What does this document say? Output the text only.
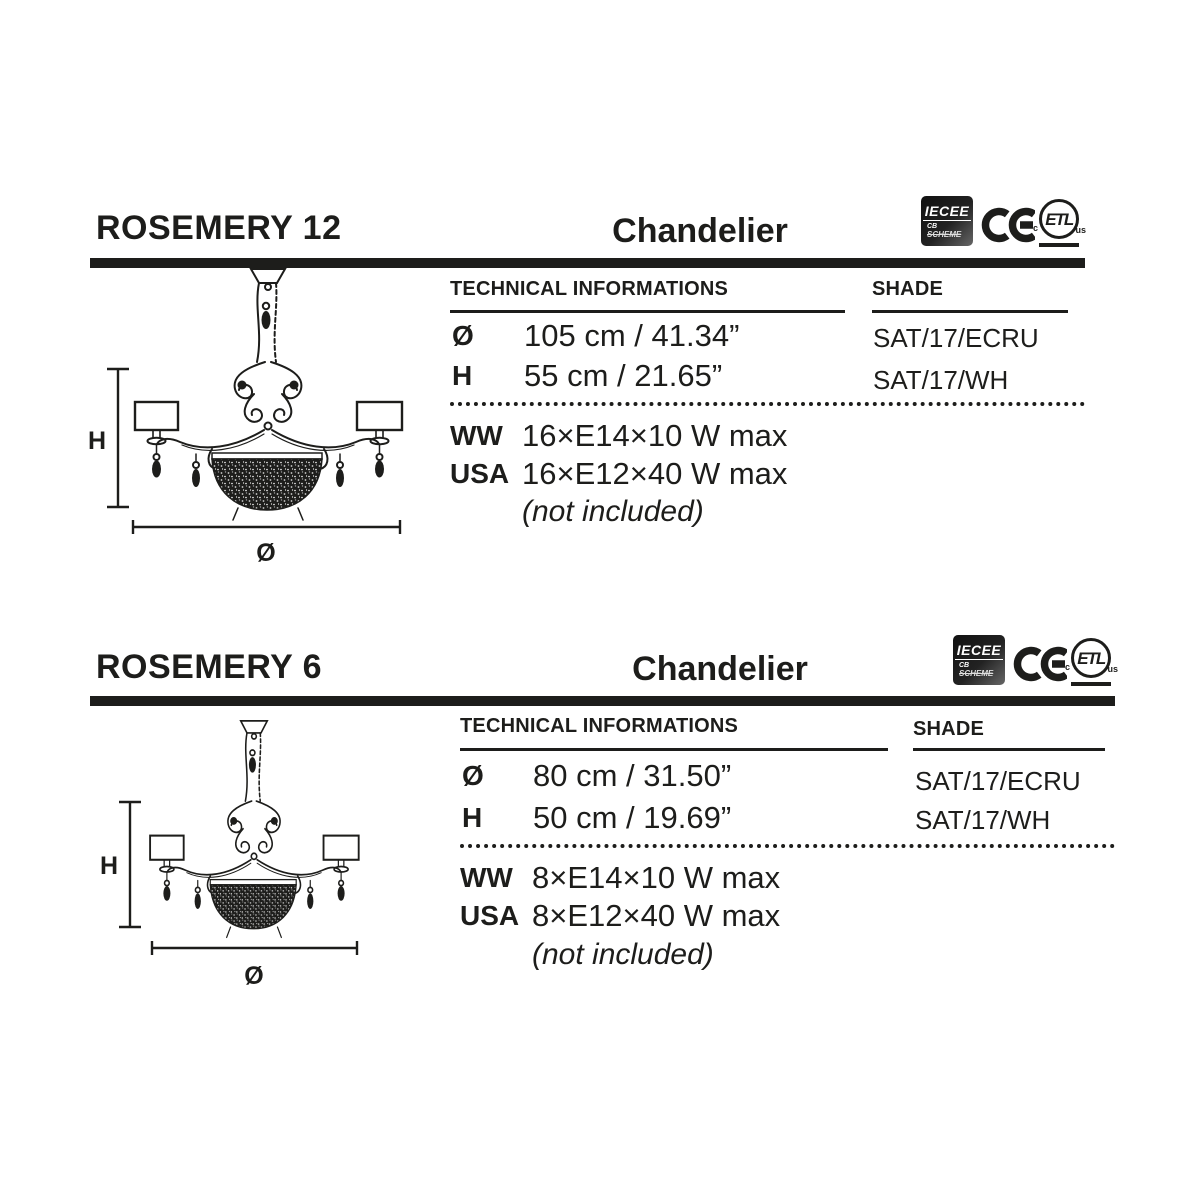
ROSEMERY 12	Chandelier
IECEE
CB
SCHEME
ETL
c	us
H
Ø
TECHNICAL INFORMATIONS	SHADE
Ø 105 cm / 41.34”
H 55 cm / 21.65”
SAT/17/ECRU
SAT/17/WH
WW 16×E14×10 W max
USA 16×E12×40 W max
(not included)
ROSEMERY 6	Chandelier	IECEE
CB
SCHEME
ETL
c	us
H
Ø
TECHNICAL INFORMATIONS	SHADE
Ø 80 cm / 31.50”
H 50 cm / 19.69”
SAT/17/ECRU
SAT/17/WH
WW 8×E14×10 W max
USA 8×E12×40 W max
(not included)
